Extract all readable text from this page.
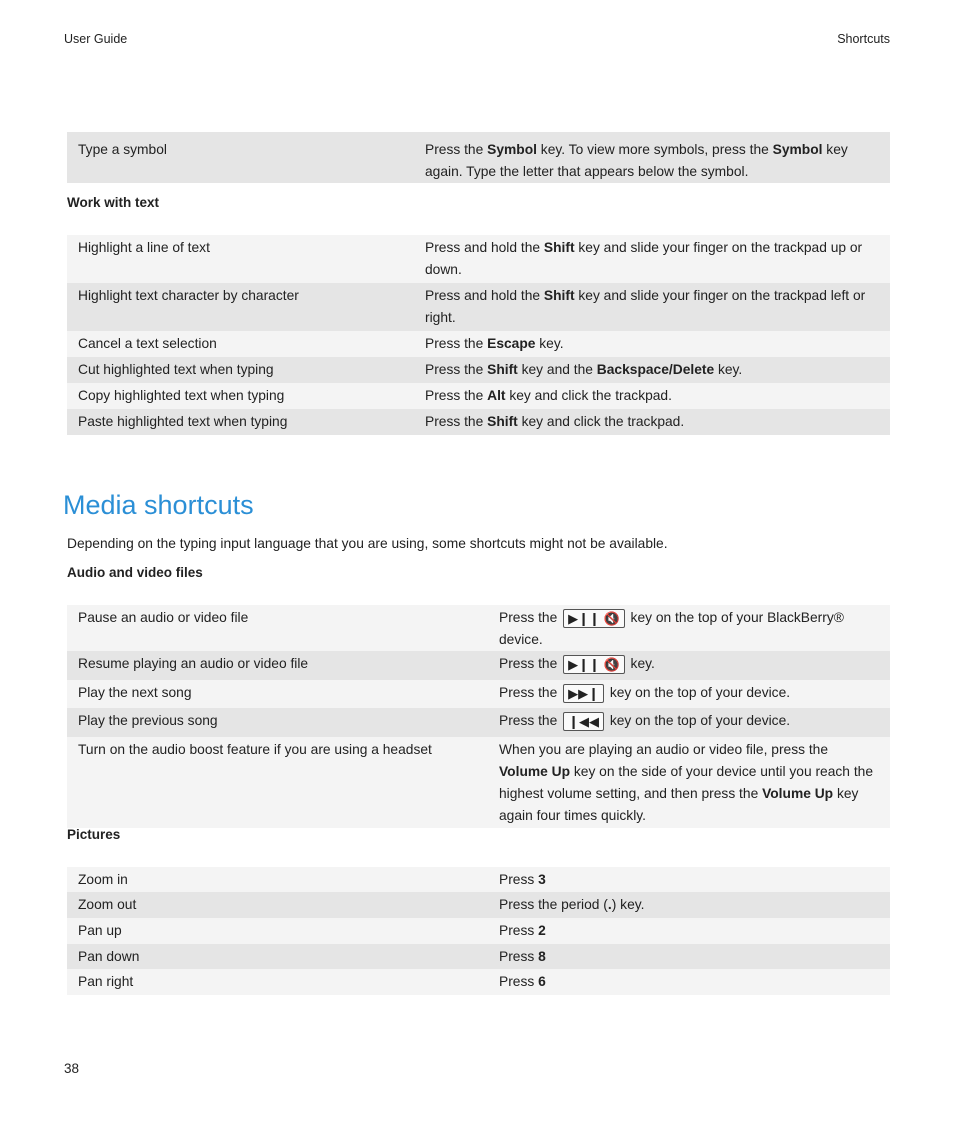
User Guide	Shortcuts
Type a symbol	Press the Symbol key. To view more symbols, press the Symbol key again. Type the letter that appears below the symbol.
Work with text
Highlight a line of text	Press and hold the Shift key and slide your finger on the trackpad up or down.
Highlight text character by character	Press and hold the Shift key and slide your finger on the trackpad left or right.
Cancel a text selection	Press the Escape key.
Cut highlighted text when typing	Press the Shift key and the Backspace/Delete key.
Copy highlighted text when typing	Press the Alt key and click the trackpad.
Paste highlighted text when typing	Press the Shift key and click the trackpad.
Media shortcuts
Depending on the typing input language that you are using, some shortcuts might not be available.
Audio and video files
Pause an audio or video file	Press the ▶❙❙ 🔇 key on the top of your BlackBerry® device.
Resume playing an audio or video file	Press the ▶❙❙ 🔇 key.
Play the next song	Press the ▶▶❙ key on the top of your device.
Play the previous song	Press the ❙◀◀ key on the top of your device.
Turn on the audio boost feature if you are using a headset	When you are playing an audio or video file, press the Volume Up key on the side of your device until you reach the highest volume setting, and then press the Volume Up key again four times quickly.
Pictures
Zoom in	Press 3
Zoom out	Press the period (.) key.
Pan up	Press 2
Pan down	Press 8
Pan right	Press 6
38
